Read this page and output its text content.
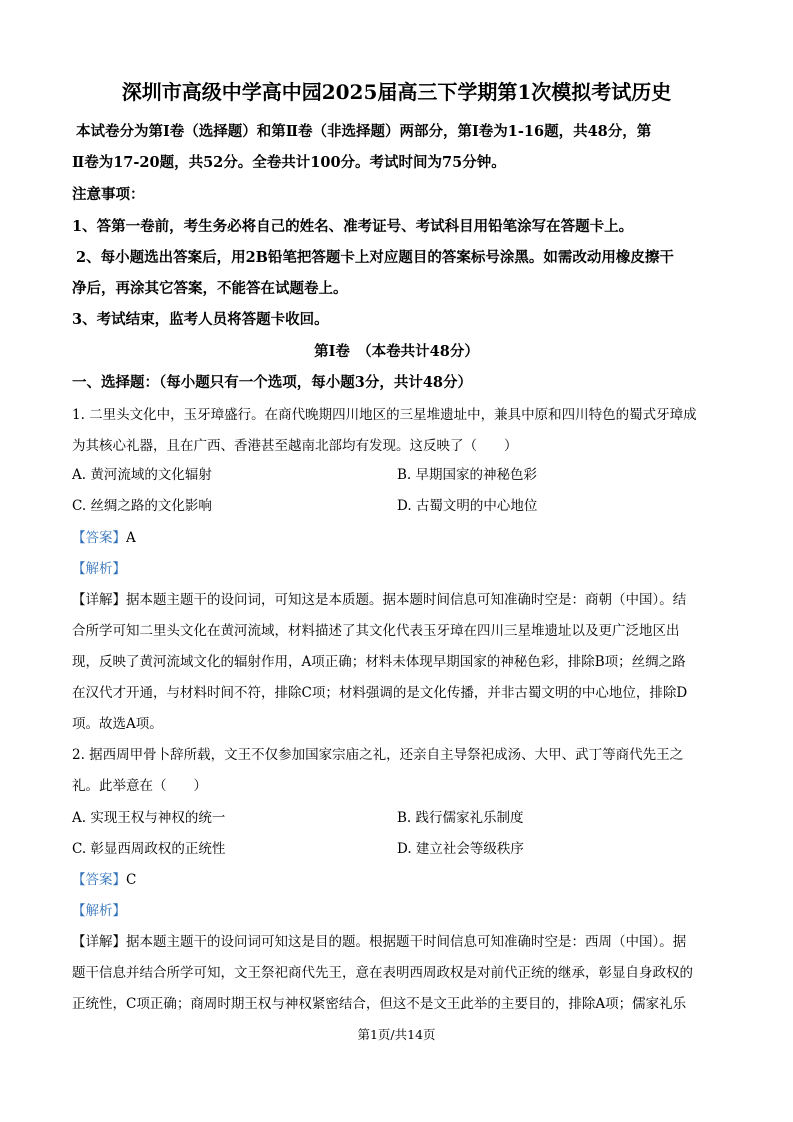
深圳市高级中学高中园2025届高三下学期第1次模拟考试历史
本试卷分为第Ⅰ卷（选择题）和第Ⅱ卷（非选择题）两部分，第Ⅰ卷为1-16题，共48分，第
Ⅱ卷为17-20题，共52分。全卷共计100分。考试时间为75分钟。
注意事项：
1、答第一卷前，考生务必将自己的姓名、准考证号、考试科目用铅笔涂写在答题卡上。
2、每小题选出答案后，用2B铅笔把答题卡上对应题目的答案标号涂黑。如需改动用橡皮擦干
净后，再涂其它答案，不能答在试题卷上。
3、考试结束，监考人员将答题卡收回。
第Ⅰ卷　（本卷共计48分）
一、选择题：（每小题只有一个选项，每小题3分，共计48分）
1. 二里头文化中，玉牙璋盛行。在商代晚期四川地区的三星堆遗址中，兼具中原和四川特色的蜀式牙璋成
为其核心礼器，且在广西、香港甚至越南北部均有发现。这反映了（　　）
A. 黄河流域的文化辐射	B. 早期国家的神秘色彩
C. 丝绸之路的文化影响	D. 古蜀文明的中心地位
【答案】A
【解析】
【详解】据本题主题干的设问词，可知这是本质题。据本题时间信息可知准确时空是：商朝（中国）。结
合所学可知二里头文化在黄河流域，材料描述了其文化代表玉牙璋在四川三星堆遗址以及更广泛地区出
现，反映了黄河流域文化的辐射作用，A项正确；材料未体现早期国家的神秘色彩，排除B项；丝绸之路
在汉代才开通，与材料时间不符，排除C项；材料强调的是文化传播，并非古蜀文明的中心地位，排除D
项。故选A项。
2. 据西周甲骨卜辞所载，文王不仅参加国家宗庙之礼，还亲自主导祭祀成汤、大甲、武丁等商代先王之
礼。此举意在（　　）
A. 实现王权与神权的统一	B. 践行儒家礼乐制度
C. 彰显西周政权的正统性	D. 建立社会等级秩序
【答案】C
【解析】
【详解】据本题主题干的设问词可知这是目的题。根据题干时间信息可知准确时空是：西周（中国）。据
题干信息并结合所学可知，文王祭祀商代先王，意在表明西周政权是对前代正统的继承，彰显自身政权的
正统性，C项正确；商周时期王权与神权紧密结合，但这不是文王此举的主要目的，排除A项；儒家礼乐
第1页/共14页
